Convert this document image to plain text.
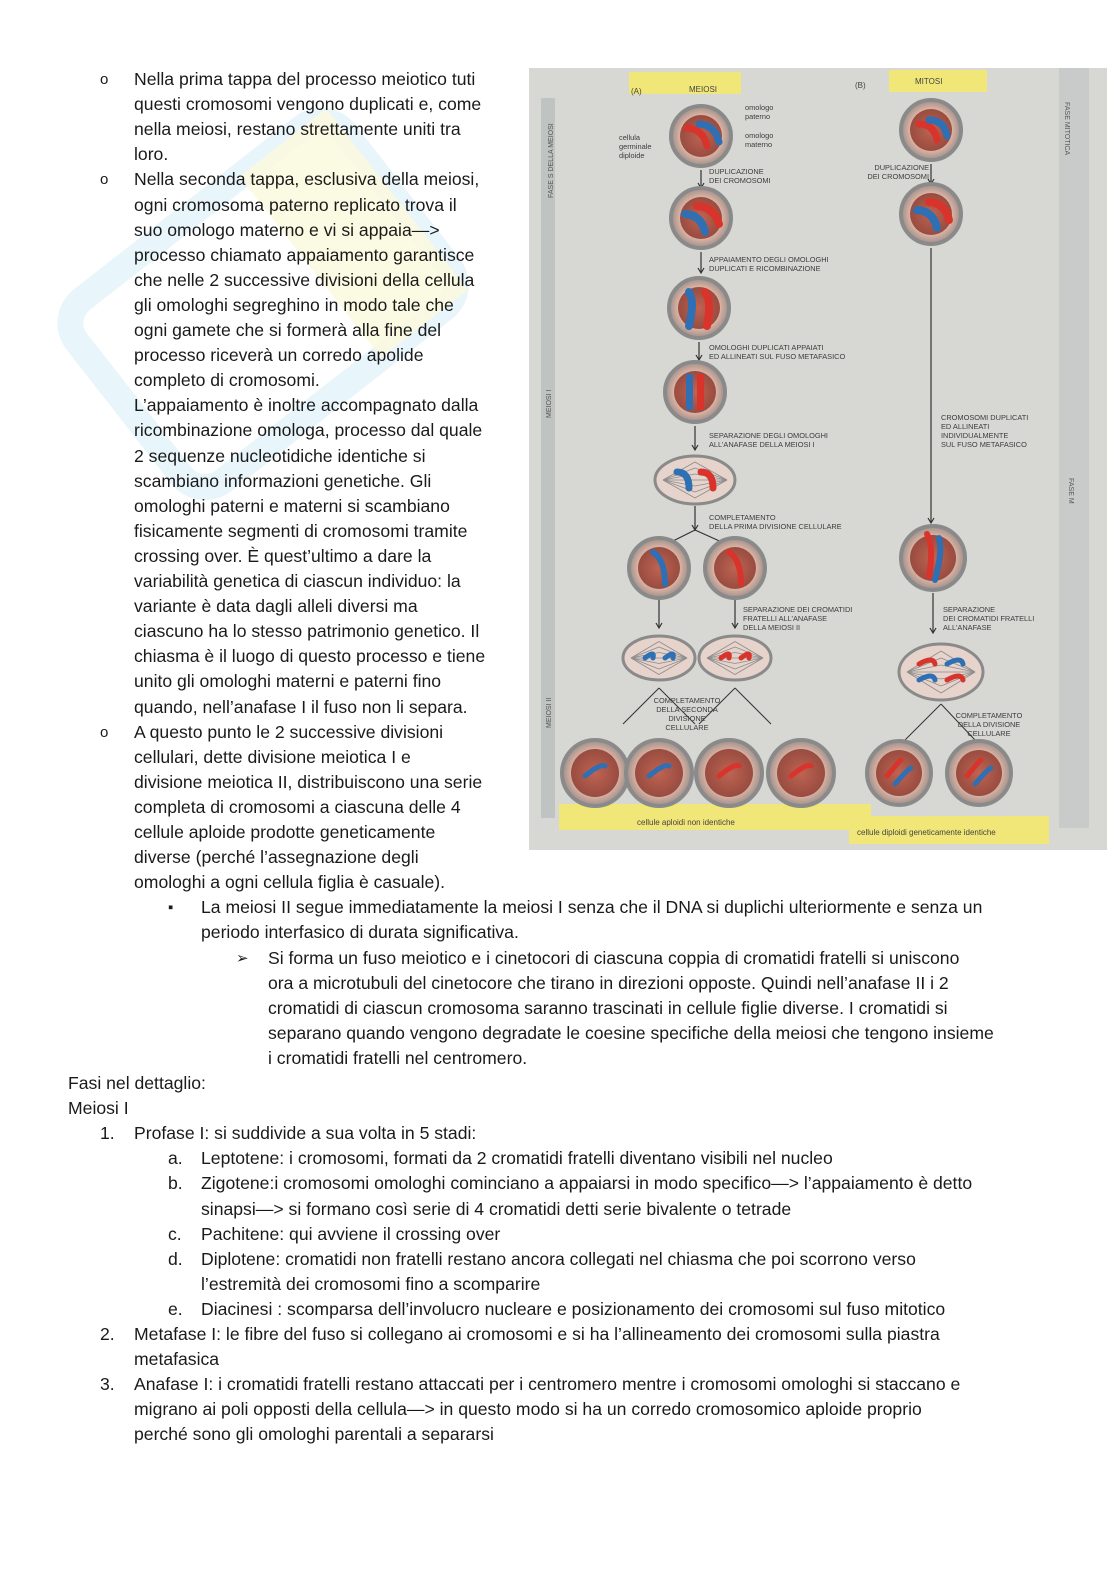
o Nella prima tappa del processo meiotico tuti
questi cromosomi vengono duplicati e, come
nella meiosi, restano strettamente uniti tra
loro.
o Nella seconda tappa, esclusiva della meiosi,
ogni cromosoma paterno replicato trova il
suo omologo materno e vi si appaia—>
processo chiamato appaiamento garantisce
che nelle 2 successive divisioni della cellula
gli omologhi segreghino in modo tale che
ogni gamete che si formerà alla fine del
processo riceverà un corredo apolide
completo di cromosomi.
L’appaiamento è inoltre accompagnato dalla
ricombinazione omologa, processo dal quale
2 sequenze nucleotidiche identiche si
scambiano informazioni genetiche. Gli
omologhi paterni e materni si scambiano
fisicamente segmenti di cromosomi tramite
crossing over. È quest’ultimo a dare la
variabilità genetica di ciascun individuo: la
variante è data dagli alleli diversi ma
ciascuno ha lo stesso patrimonio genetico. Il
chiasma è il luogo di questo processo e tiene
unito gli omologhi materni e paterni fino
quando, nell’anafase I il fuso non li separa.
o A questo punto le 2 successive divisioni
cellulari, dette divisione meiotica I e
divisione meiotica II, distribuiscono una serie
completa di cromosomi a ciascuna delle 4
cellule aploide prodotte geneticamente
diverse (perché l’assegnazione degli
omologhi a ogni cellula figlia è casuale).
▪ La meiosi II segue immediatamente la meiosi I senza che il DNA si duplichi ulteriormente e senza un
periodo interfasico di durata significativa.
➢ Si forma un fuso meiotico e i cinetocori di ciascuna coppia di cromatidi fratelli si uniscono
ora a microtubuli del cinetocore che tirano in direzioni opposte. Quindi nell’anafase II i 2
cromatidi di ciascun cromosoma saranno trascinati in cellule figlie diverse. I cromatidi si
separano quando vengono degradate le coesine specifiche della meiosi che tengono insieme
i cromatidi fratelli nel centromero.
Fasi nel dettaglio:
Meiosi I
1. Profase I: si suddivide a sua volta in 5 stadi:
a. Leptotene: i cromosomi, formati da 2 cromatidi fratelli diventano visibili nel nucleo
b. Zigotene:i cromosomi omologhi cominciano a appaiarsi in modo specifico—> l’appaiamento è detto
sinapsi—> si formano così serie di 4 cromatidi detti serie bivalente o tetrade
c. Pachitene: qui avviene il crossing over
d. Diplotene: cromatidi non fratelli restano ancora collegati nel chiasma che poi scorrono verso
l’estremità dei cromosomi fino a scomparire
e. Diacinesi : scomparsa dell’involucro nucleare e posizionamento dei cromosomi sul fuso mitotico
2. Metafase I: le fibre del fuso si collegano ai cromosomi e si ha l’allineamento dei cromosomi sulla piastra
metafasica
3. Anafase I: i cromatidi fratelli restano attaccati per i centromero mentre i cromosomi omologhi si staccano e
migrano ai poli opposti della cellula—> in questo modo si ha un corredo cromosomico aploide proprio
perché sono gli omologhi parentali a separarsi
(A)	MEIOSI	(B)	MITOSI
FASE S DELLA MEIOSI
MEIOSI I
MEIOSI II
FASE MITOTICA
FASE M
omologo
paterno
omologo
materno
cellula
germinale
diploide
DUPLICAZIONE
DEI CROMOSOMI
DUPLICAZIONE
DEI CROMOSOMI
APPAIAMENTO DEGLI OMOLOGHI
DUPLICATI E RICOMBINAZIONE
OMOLOGHI DUPLICATI APPAIATI
ED ALLINEATI SUL FUSO METAFASICO
SEPARAZIONE DEGLI OMOLOGHI
ALL’ANAFASE DELLA MEIOSI I
CROMOSOMI DUPLICATI
ED ALLINEATI
INDIVIDUALMENTE
SUL FUSO METAFASICO
COMPLETAMENTO
DELLA PRIMA DIVISIONE CELLULARE
SEPARAZIONE DEI CROMATIDI
FRATELLI ALL’ANAFASE
DELLA MEIOSI II
SEPARAZIONE
DEI CROMATIDI FRATELLI
ALL’ANAFASE
COMPLETAMENTO
DELLA SECONDA
DIVISIONE
CELLULARE
COMPLETAMENTO
DELLA DIVISIONE
CELLULARE
cellule aploidi non identiche
cellule diploidi geneticamente identiche
